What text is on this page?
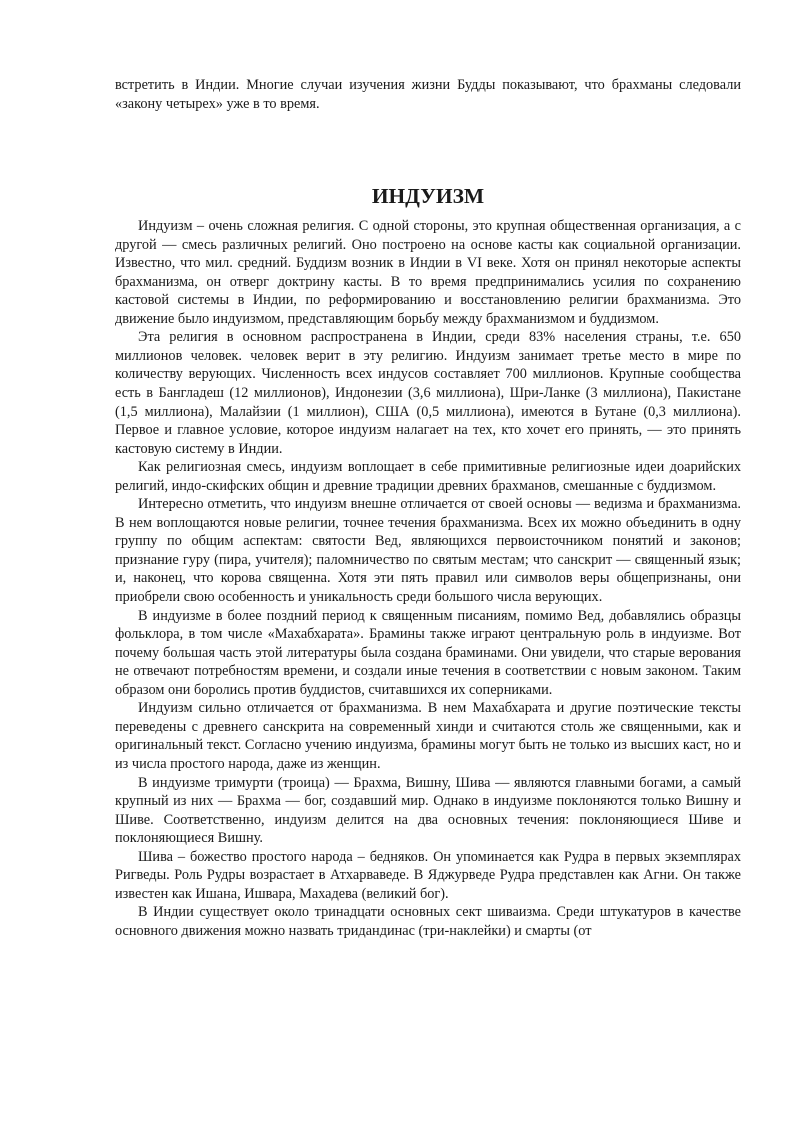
встретить в Индии. Многие случаи изучения жизни Будды показывают, что брахманы следовали «закону четырех» уже в то время.

ИНДУИЗМ

Индуизм – очень сложная религия. С одной стороны, это крупная общественная организация, а с другой — смесь различных религий. Оно построено на основе касты как социальной организации. Известно, что мил. средний. Буддизм возник в Индии в VI веке. Хотя он принял некоторые аспекты брахманизма, он отверг доктрину касты. В то время предпринимались усилия по сохранению кастовой системы в Индии, по реформированию и восстановлению религии брахманизма. Это движение было индуизмом, представляющим борьбу между брахманизмом и буддизмом.

Эта религия в основном распространена в Индии, среди 83% населения страны, т.е. 650 миллионов человек. человек верит в эту религию. Индуизм занимает третье место в мире по количеству верующих. Численность всех индусов составляет 700 миллионов. Крупные сообщества есть в Бангладеш (12 миллионов), Индонезии (3,6 миллиона), Шри-Ланке (3 миллиона), Пакистане (1,5 миллиона), Малайзии (1 миллион), США (0,5 миллиона), имеются в Бутане (0,3 миллиона). Первое и главное условие, которое индуизм налагает на тех, кто хочет его принять, — это принять кастовую систему в Индии.

Как религиозная смесь, индуизм воплощает в себе примитивные религиозные идеи доарийских религий, индо-скифских общин и древние традиции древних брахманов, смешанные с буддизмом.

Интересно отметить, что индуизм внешне отличается от своей основы — ведизма и брахманизма. В нем воплощаются новые религии, точнее течения брахманизма. Всех их можно объединить в одну группу по общим аспектам: святости Вед, являющихся первоисточником понятий и законов; признание гуру (пира, учителя); паломничество по святым местам; что санскрит — священный язык; и, наконец, что корова священна. Хотя эти пять правил или символов веры общепризнаны, они приобрели свою особенность и уникальность среди большого числа верующих.

В индуизме в более поздний период к священным писаниям, помимо Вед, добавлялись образцы фольклора, в том числе «Махабхарата». Брамины также играют центральную роль в индуизме. Вот почему большая часть этой литературы была создана браминами. Они увидели, что старые верования не отвечают потребностям времени, и создали иные течения в соответствии с новым законом. Таким образом они боролись против буддистов, считавшихся их соперниками.

Индуизм сильно отличается от брахманизма. В нем Махабхарата и другие поэтические тексты переведены с древнего санскрита на современный хинди и считаются столь же священными, как и оригинальный текст. Согласно учению индуизма, брамины могут быть не только из высших каст, но и из числа простого народа, даже из женщин.

В индуизме тримурти (троица) — Брахма, Вишну, Шива — являются главными богами, а самый крупный из них — Брахма — бог, создавший мир. Однако в индуизме поклоняются только Вишну и Шиве. Соответственно, индуизм делится на два основных течения: поклоняющиеся Шиве и поклоняющиеся Вишну.

Шива – божество простого народа – бедняков. Он упоминается как Рудра в первых экземплярах Ригведы. Роль Рудры возрастает в Атхарваведе. В Яджурведе Рудра представлен как Агни. Он также известен как Ишана, Ишвара, Махадева (великий бог).

В Индии существует около тринадцати основных сект шиваизма. Среди штукатуров в качестве основного движения можно назвать тридандинас (три-наклейки) и смарты (от
